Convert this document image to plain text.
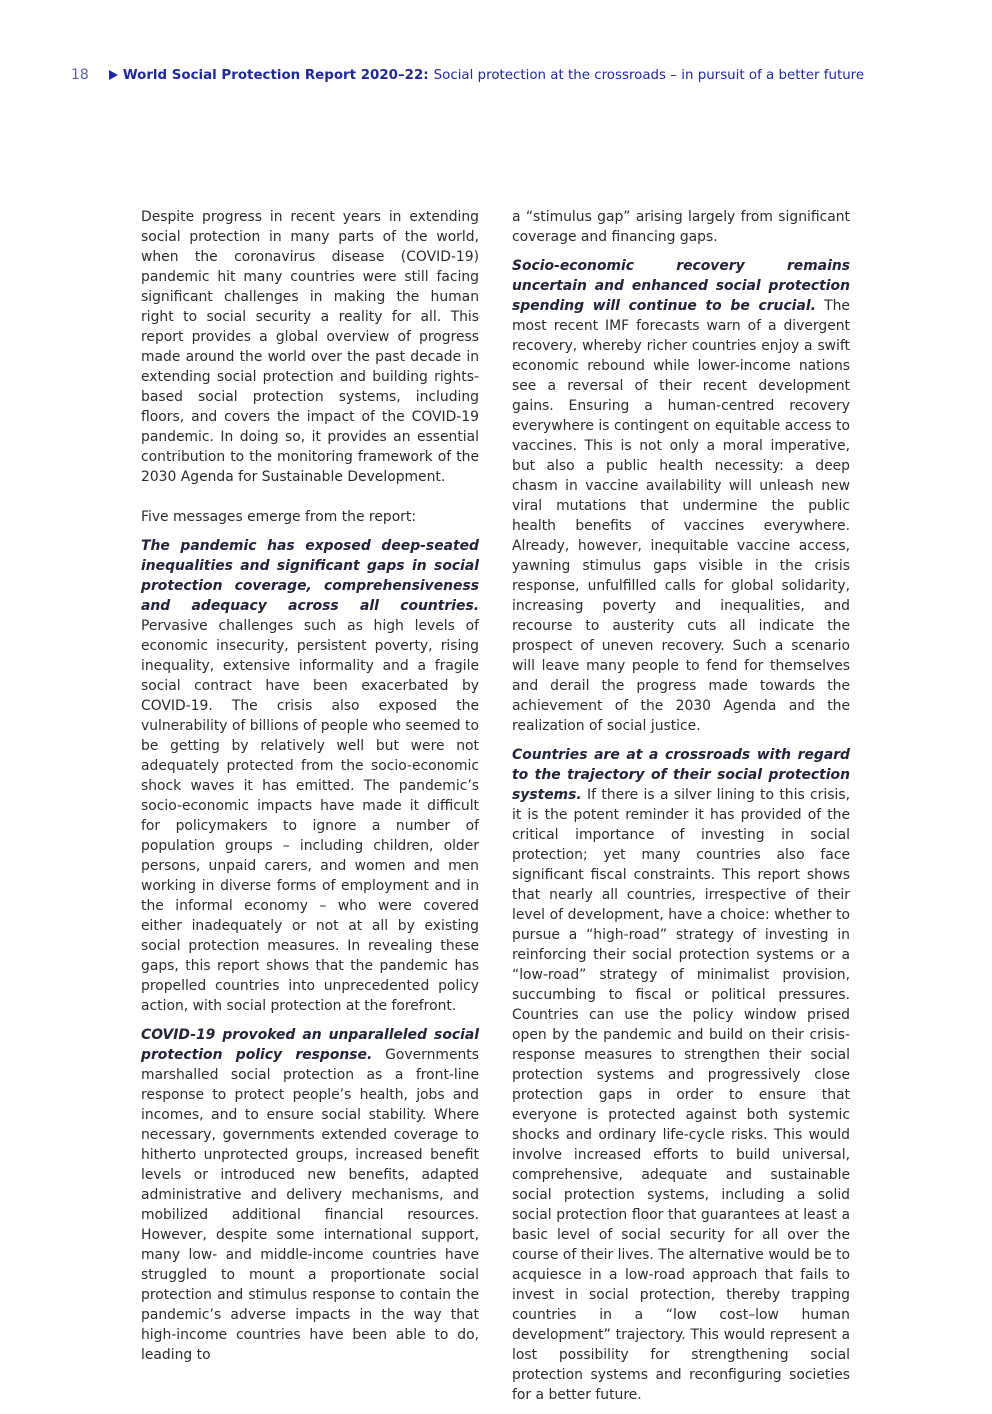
18	World Social Protection Report 2020–22: Social protection at the crossroads – in pursuit of a better future

Despite progress in recent years in extending social protection in many parts of the world, when the coronavirus disease (COVID-19) pandemic hit many countries were still facing significant challenges in making the human right to social security a reality for all. This report provides a global overview of progress made around the world over the past decade in extending social protection and building rights-based social protection systems, including floors, and covers the impact of the COVID-19 pandemic. In doing so, it provides an essential contribution to the monitoring framework of the 2030 Agenda for Sustainable Development.

Five messages emerge from the report:

The pandemic has exposed deep-seated inequalities and significant gaps in social protection coverage, comprehensiveness and adequacy across all countries. Pervasive challenges such as high levels of economic insecurity, persistent poverty, rising inequality, extensive informality and a fragile social contract have been exacerbated by COVID-19. The crisis also exposed the vulnerability of billions of people who seemed to be getting by relatively well but were not adequately protected from the socio-economic shock waves it has emitted. The pandemic’s socio-economic impacts have made it difficult for policymakers to ignore a number of population groups – including children, older persons, unpaid carers, and women and men working in diverse forms of employment and in the informal economy – who were covered either inadequately or not at all by existing social protection measures. In revealing these gaps, this report shows that the pandemic has propelled countries into unprecedented policy action, with social protection at the forefront.

COVID-19 provoked an unparalleled social protection policy response. Governments marshalled social protection as a front-line response to protect people’s health, jobs and incomes, and to ensure social stability. Where necessary, governments extended coverage to hitherto unprotected groups, increased benefit levels or introduced new benefits, adapted administrative and delivery mechanisms, and mobilized additional financial resources. However, despite some international support, many low- and middle-income countries have struggled to mount a proportionate social protection and stimulus response to contain the pandemic’s adverse impacts in the way that high-income countries have been able to do, leading to

a “stimulus gap” arising largely from significant coverage and financing gaps.

Socio-economic recovery remains uncertain and enhanced social protection spending will continue to be crucial. The most recent IMF forecasts warn of a divergent recovery, whereby richer countries enjoy a swift economic rebound while lower-income nations see a reversal of their recent development gains. Ensuring a human-centred recovery everywhere is contingent on equitable access to vaccines. This is not only a moral imperative, but also a public health necessity: a deep chasm in vaccine availability will unleash new viral mutations that undermine the public health benefits of vaccines everywhere. Already, however, inequitable vaccine access, yawning stimulus gaps visible in the crisis response, unfulfilled calls for global solidarity, increasing poverty and inequalities, and recourse to austerity cuts all indicate the prospect of uneven recovery. Such a scenario will leave many people to fend for themselves and derail the progress made towards the achievement of the 2030 Agenda and the realization of social justice.

Countries are at a crossroads with regard to the trajectory of their social protection systems. If there is a silver lining to this crisis, it is the potent reminder it has provided of the critical importance of investing in social protection; yet many countries also face significant fiscal constraints. This report shows that nearly all countries, irrespective of their level of development, have a choice: whether to pursue a “high-road” strategy of investing in reinforcing their social protection systems or a “low-road” strategy of minimalist provision, succumbing to fiscal or political pressures. Countries can use the policy window prised open by the pandemic and build on their crisis-response measures to strengthen their social protection systems and progressively close protection gaps in order to ensure that everyone is protected against both systemic shocks and ordinary life-cycle risks. This would involve increased efforts to build universal, comprehensive, adequate and sustainable social protection systems, including a solid social protection floor that guarantees at least a basic level of social security for all over the course of their lives. The alternative would be to acquiesce in a low-road approach that fails to invest in social protection, thereby trapping countries in a “low cost–low human development” trajectory. This would represent a lost possibility for strengthening social protection systems and reconfiguring societies for a better future.
